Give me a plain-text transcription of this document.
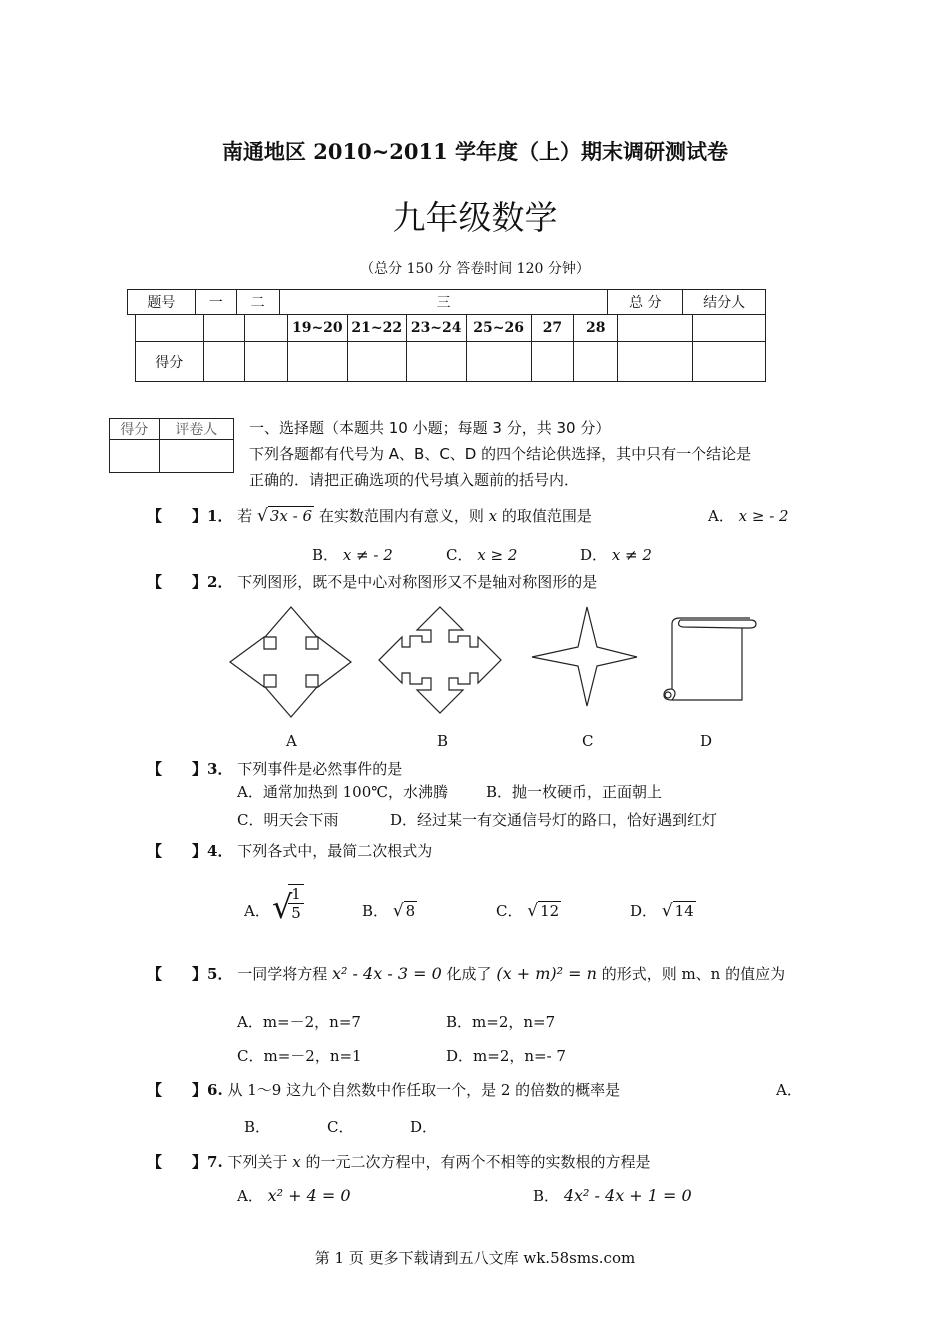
南通地区 2010~2011 学年度（上）期末调研测试卷
九年级数学
（总分 150 分 答卷时间 120 分钟）
题号	一	二	三	总 分	结分人
			19~20	21~22	23~24	25~26	27	28		
得分										
得分	评卷人
	一、选择题（本题共 10 小题；每题 3 分，共 30 分）
下列各题都有代号为 A、B、C、D 的四个结论供选择，其中只有一个结论是
正确的．请把正确选项的代号填入题前的括号内．
【　　】1． 若 √ 3x - 6 在实数范围内有意义，则 x 的取值范围是	A． x ≥ - 2
B． x ≠ - 2	C． x ≥ 2	D． x ≠ 2
【　　】2． 下列图形，既不是中心对称图形又不是轴对称图形的是
A	B	C	D
【　　】3． 下列事件是必然事件的是
A．通常加热到 100℃，水沸腾	B．抛一枚硬币，正面朝上
C．明天会下雨	D．经过某一有交通信号灯的路口，恰好遇到红灯
【　　】4． 下列各式中，最简二次根式为
A． √
$\frac{1}{5}$	B． √ 8	C． √ 12	D． √ 14
【　　】5． 一同学将方程 x² - 4x - 3 = 0 化成了 (x + m)² = n 的形式，则 m、n 的值应为
A．m=－2，n=7	B．m=2，n=7
C．m=－2，n=1	D．m=2，n=- 7
【　　】6. 从 1～9 这九个自然数中作任取一个，是 2 的倍数的概率是	A．
B．	C．	D．
【　　】7. 下列关于 x 的一元二次方程中，有两个不相等的实数根的方程是
A． x² + 4 = 0	B． 4x² - 4x + 1 = 0
第 1 页 更多下载请到五八文库 wk.58sms.com
